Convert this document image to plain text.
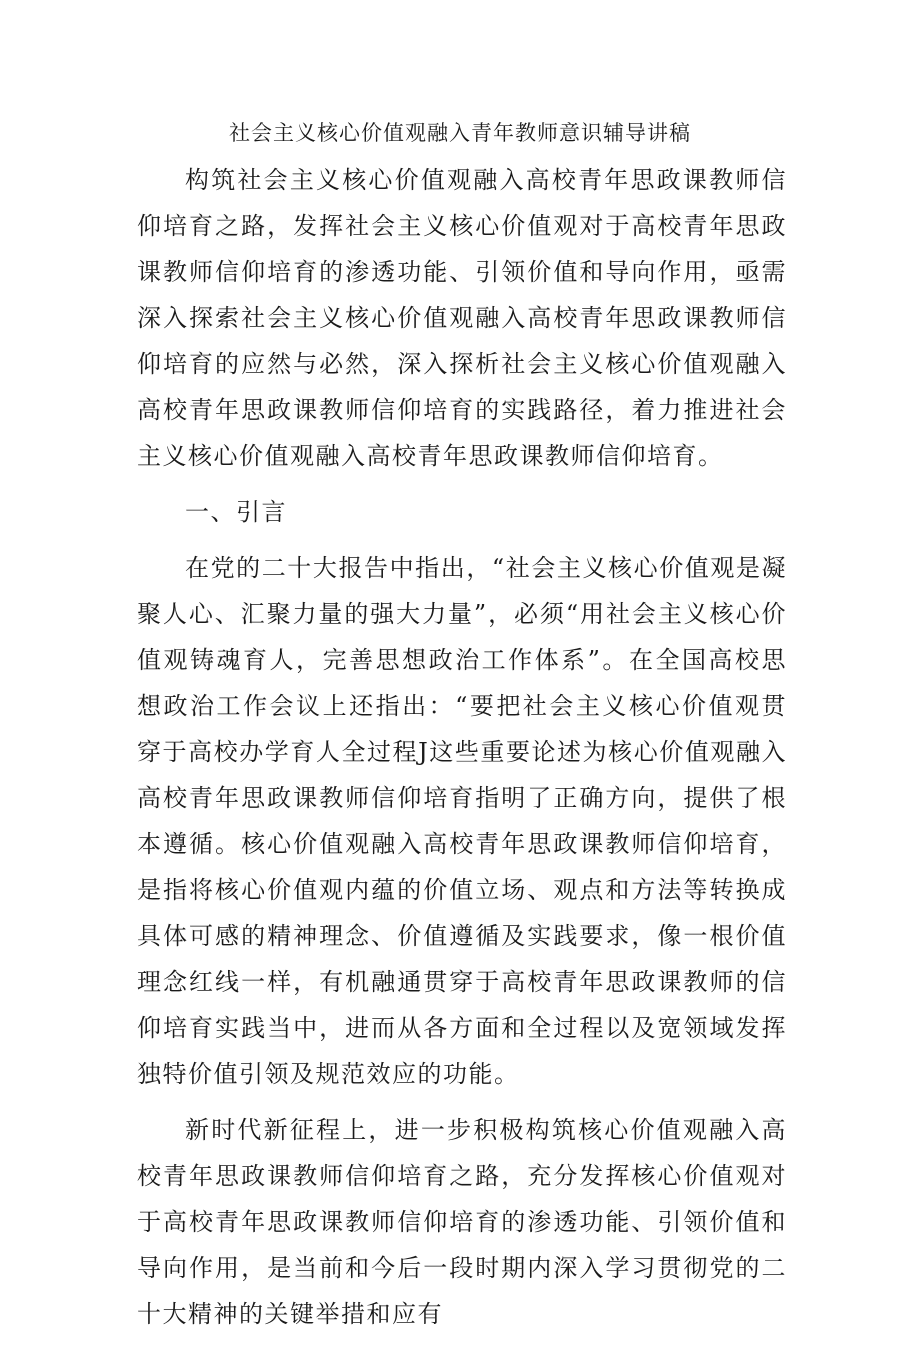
社会主义核心价值观融入青年教师意识辅导讲稿

构筑社会主义核心价值观融入高校青年思政课教师信仰培育之路，发挥社会主义核心价值观对于高校青年思政课教师信仰培育的渗透功能、引领价值和导向作用，亟需深入探索社会主义核心价值观融入高校青年思政课教师信仰培育的应然与必然，深入探析社会主义核心价值观融入高校青年思政课教师信仰培育的实践路径，着力推进社会主义核心价值观融入高校青年思政课教师信仰培育。

一、引言

在党的二十大报告中指出，“社会主义核心价值观是凝聚人心、汇聚力量的强大力量”，必须“用社会主义核心价值观铸魂育人，完善思想政治工作体系”。在全国高校思想政治工作会议上还指出：“要把社会主义核心价值观贯穿于高校办学育人全过程J这些重要论述为核心价值观融入高校青年思政课教师信仰培育指明了正确方向，提供了根本遵循。核心价值观融入高校青年思政课教师信仰培育，是指将核心价值观内蕴的价值立场、观点和方法等转换成具体可感的精神理念、价值遵循及实践要求，像一根价值理念红线一样，有机融通贯穿于高校青年思政课教师的信仰培育实践当中，进而从各方面和全过程以及宽领域发挥独特价值引领及规范效应的功能。

新时代新征程上，进一步积极构筑核心价值观融入高校青年思政课教师信仰培育之路，充分发挥核心价值观对于高校青年思政课教师信仰培育的渗透功能、引领价值和导向作用，是当前和今后一段时期内深入学习贯彻党的二十大精神的关键举措和应有
